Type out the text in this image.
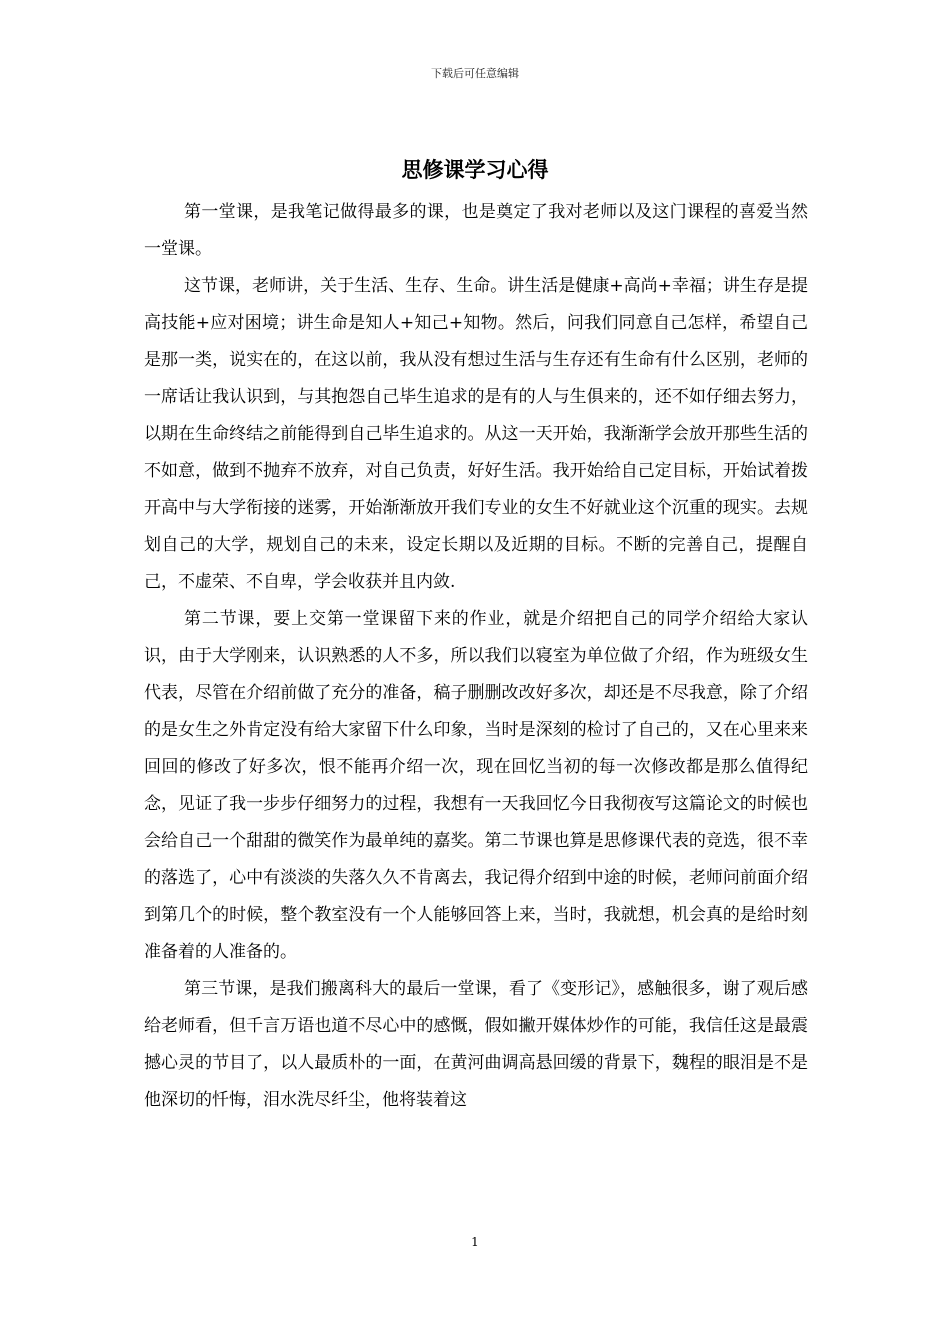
下载后可任意编辑
思修课学习心得

第一堂课，是我笔记做得最多的课，也是奠定了我对老师以及这门课程的喜爱当然一堂课。

这节课，老师讲，关于生活、生存、生命。讲生活是健康+高尚+幸福；讲生存是提高技能+应对困境；讲生命是知人+知己+知物。然后，问我们同意自己怎样，希望自己是那一类，说实在的，在这以前，我从没有想过生活与生存还有生命有什么区别，老师的一席话让我认识到，与其抱怨自己毕生追求的是有的人与生俱来的，还不如仔细去努力，以期在生命终结之前能得到自己毕生追求的。从这一天开始，我渐渐学会放开那些生活的不如意，做到不抛弃不放弃，对自己负责，好好生活。我开始给自己定目标，开始试着拨开高中与大学衔接的迷雾，开始渐渐放开我们专业的女生不好就业这个沉重的现实。去规划自己的大学，规划自己的未来，设定长期以及近期的目标。不断的完善自己，提醒自己，不虚荣、不自卑，学会收获并且内敛.

第二节课，要上交第一堂课留下来的作业，就是介绍把自己的同学介绍给大家认识，由于大学刚来，认识熟悉的人不多，所以我们以寝室为单位做了介绍，作为班级女生代表，尽管在介绍前做了充分的准备，稿子删删改改好多次，却还是不尽我意，除了介绍的是女生之外肯定没有给大家留下什么印象，当时是深刻的检讨了自己的，又在心里来来回回的修改了好多次，恨不能再介绍一次，现在回忆当初的每一次修改都是那么值得纪念，见证了我一步步仔细努力的过程，我想有一天我回忆今日我彻夜写这篇论文的时候也会给自己一个甜甜的微笑作为最单纯的嘉奖。第二节课也算是思修课代表的竞选，很不幸的落选了，心中有淡淡的失落久久不肯离去，我记得介绍到中途的时候，老师问前面介绍到第几个的时候，整个教室没有一个人能够回答上来，当时，我就想，机会真的是给时刻准备着的人准备的。

第三节课，是我们搬离科大的最后一堂课，看了《变形记》，感触很多，谢了观后感给老师看，但千言万语也道不尽心中的感慨，假如撇开媒体炒作的可能，我信任这是最震撼心灵的节目了，以人最质朴的一面，在黄河曲调高悬回缓的背景下，魏程的眼泪是不是他深切的忏悔，泪水洗尽纤尘，他将装着这

1
